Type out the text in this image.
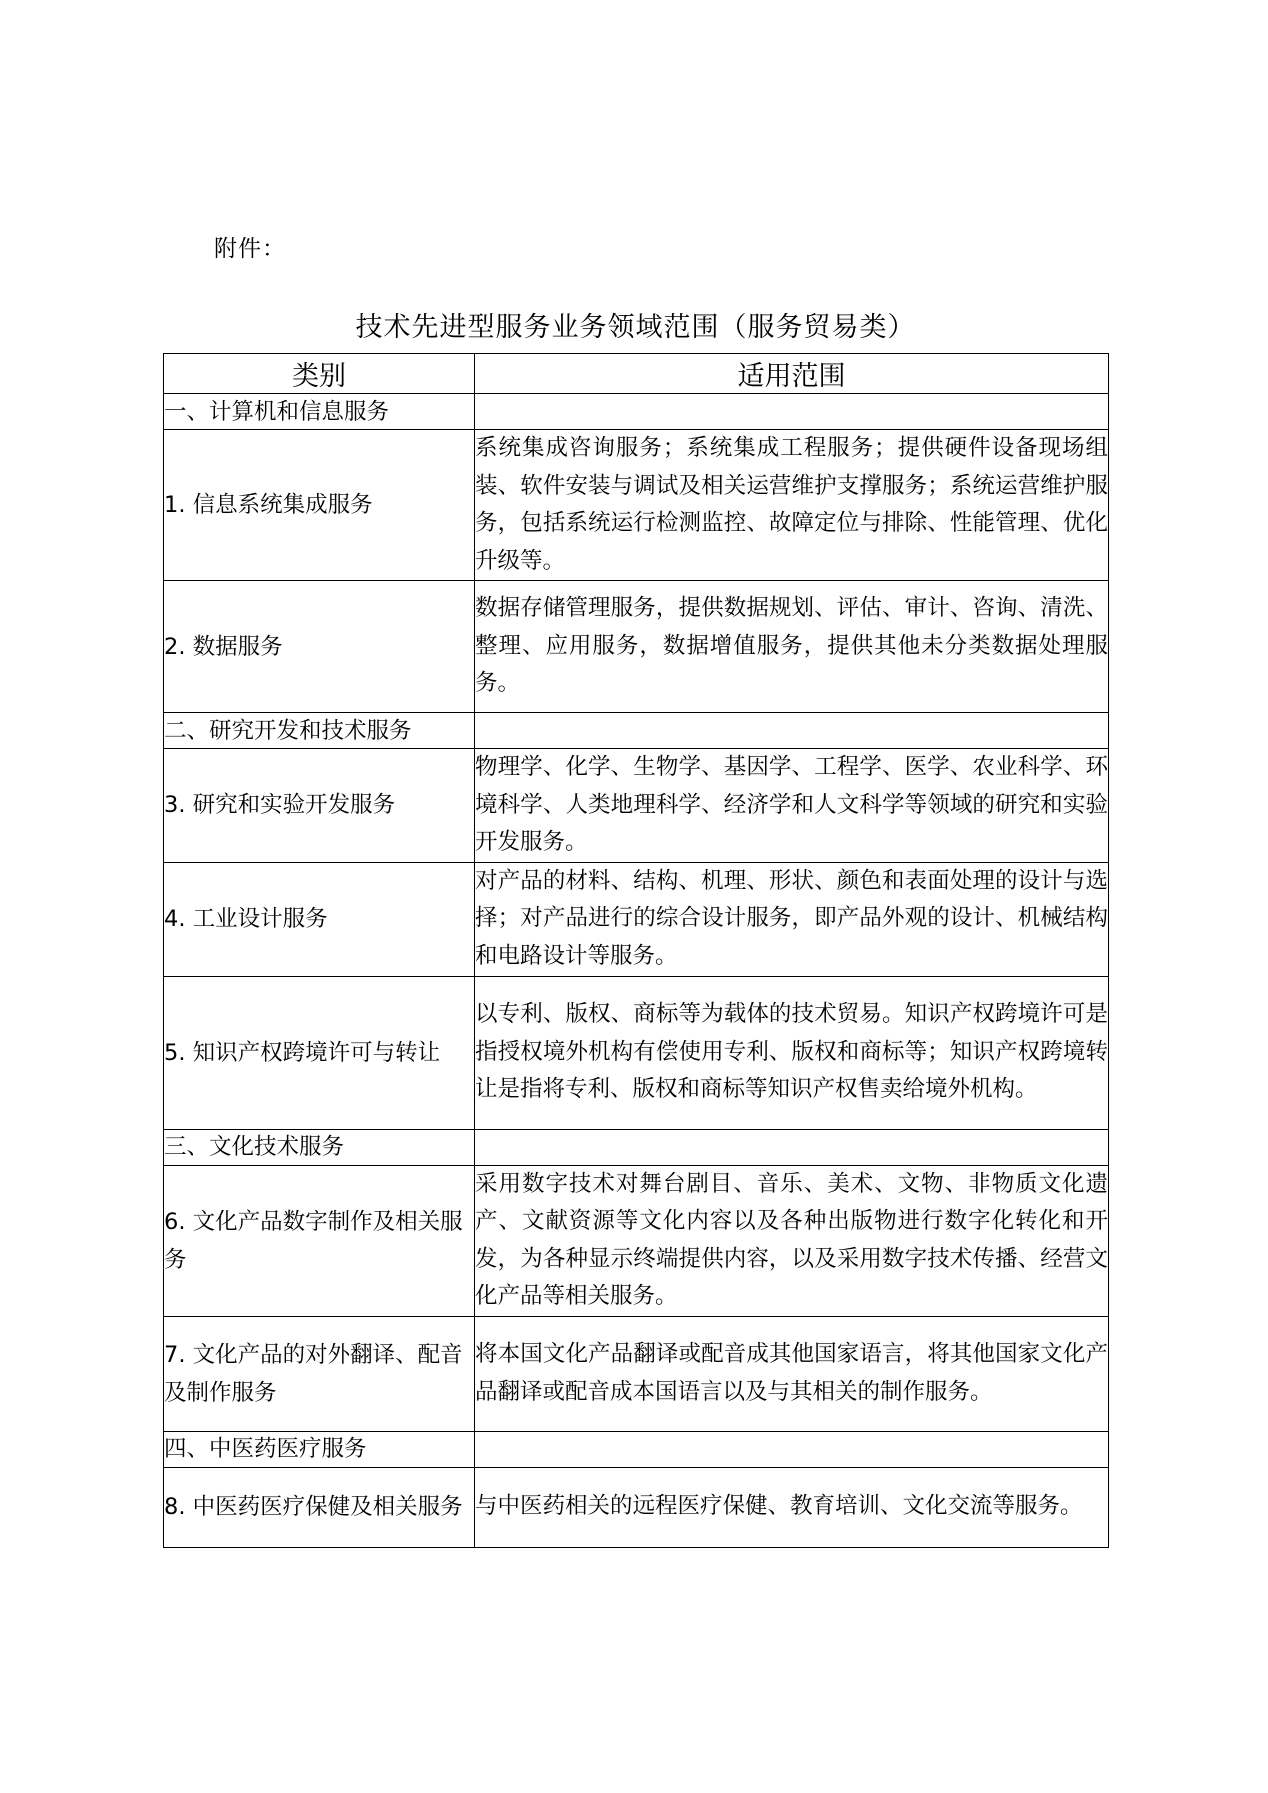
附件：
技术先进型服务业务领域范围（服务贸易类）
类别	适用范围
一、计算机和信息服务	
1. 信息系统集成服务	系统集成咨询服务；系统集成工程服务；提供硬件设备现场组装、软件安装与调试及相关运营维护支撑服务；系统运营维护服务，包括系统运行检测监控、故障定位与排除、性能管理、优化升级等。
2. 数据服务	数据存储管理服务，提供数据规划、评估、审计、咨询、清洗、整理、应用服务，数据增值服务，提供其他未分类数据处理服务。
二、研究开发和技术服务	
3. 研究和实验开发服务	物理学、化学、生物学、基因学、工程学、医学、农业科学、环境科学、人类地理科学、经济学和人文科学等领域的研究和实验开发服务。
4. 工业设计服务	对产品的材料、结构、机理、形状、颜色和表面处理的设计与选择；对产品进行的综合设计服务，即产品外观的设计、机械结构和电路设计等服务。
5. 知识产权跨境许可与转让	以专利、版权、商标等为载体的技术贸易。知识产权跨境许可是指授权境外机构有偿使用专利、版权和商标等；知识产权跨境转让是指将专利、版权和商标等知识产权售卖给境外机构。
三、文化技术服务	
6. 文化产品数字制作及相关服务	采用数字技术对舞台剧目、音乐、美术、文物、非物质文化遗产、文献资源等文化内容以及各种出版物进行数字化转化和开发，为各种显示终端提供内容，以及采用数字技术传播、经营文化产品等相关服务。
7. 文化产品的对外翻译、配音及制作服务	将本国文化产品翻译或配音成其他国家语言，将其他国家文化产品翻译或配音成本国语言以及与其相关的制作服务。
四、中医药医疗服务	
8. 中医药医疗保健及相关服务	与中医药相关的远程医疗保健、教育培训、文化交流等服务。
